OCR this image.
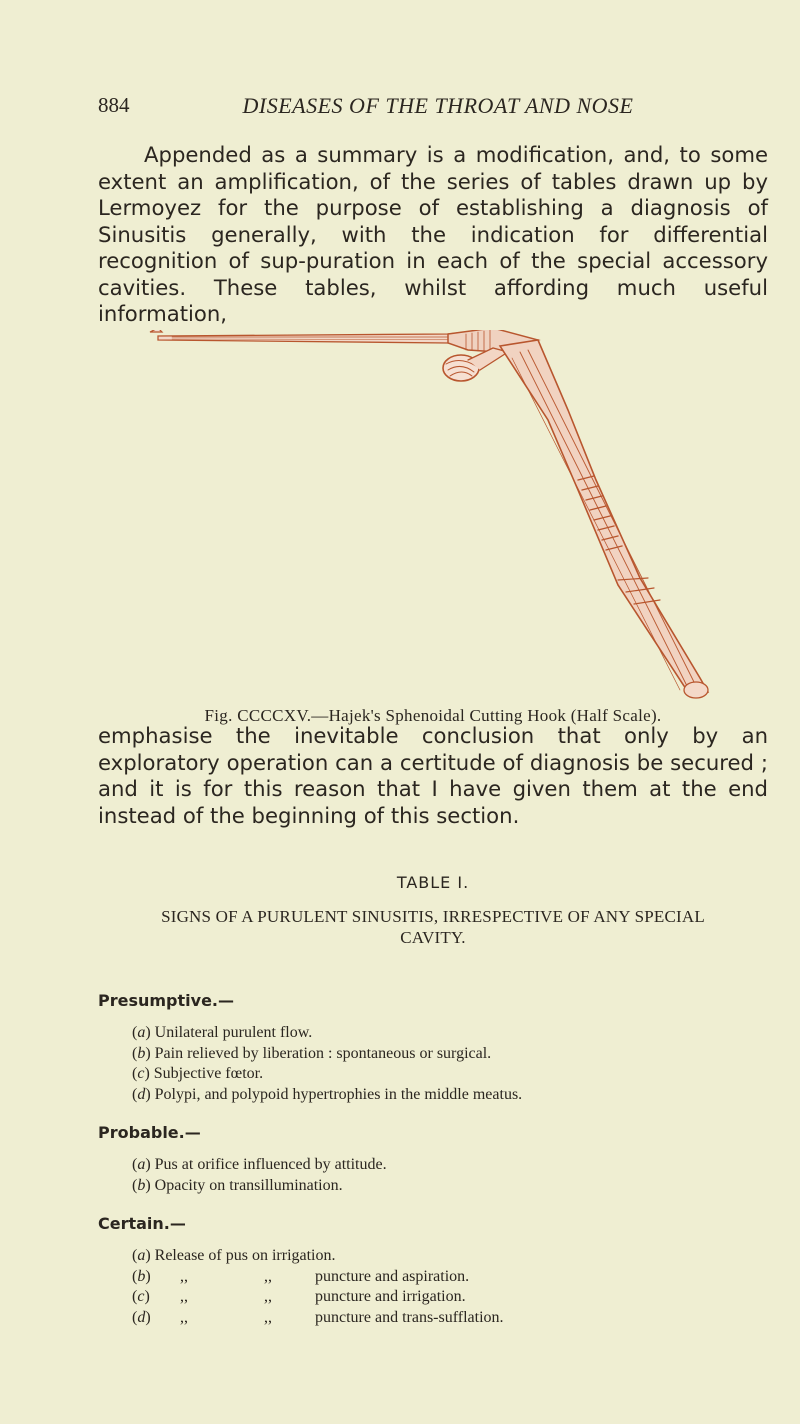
884	DISEASES OF THE THROAT AND NOSE
Appended as a summary is a modification, and, to some extent an amplification, of the series of tables drawn up by Lermoyez for the purpose of establishing a diagnosis of Sinusitis generally, with the indication for differential recognition of sup-puration in each of the special accessory cavities. These tables, whilst affording much useful information,
Fig. CCCCXV.—Hajek's Sphenoidal Cutting Hook (Half Scale).
emphasise the inevitable conclusion that only by an exploratory operation can a certitude of diagnosis be secured ; and it is for this reason that I have given them at the end instead of the beginning of this section.
TABLE I.
SIGNS OF A PURULENT SINUSITIS, IRRESPECTIVE OF ANY SPECIAL CAVITY.
Presumptive.—
(a) Unilateral purulent flow.
(b) Pain relieved by liberation : spontaneous or surgical.
(c) Subjective fœtor.
(d) Polypi, and polypoid hypertrophies in the middle meatus.
Probable.—
(a) Pus at orifice influenced by attitude.
(b) Opacity on transillumination.
Certain.—
(a) Release of pus on irrigation.
(b) ,,	,,	puncture and aspiration.
(c) ,,	,,	puncture and irrigation.
(d) ,,	,,	puncture and trans-sufflation.
